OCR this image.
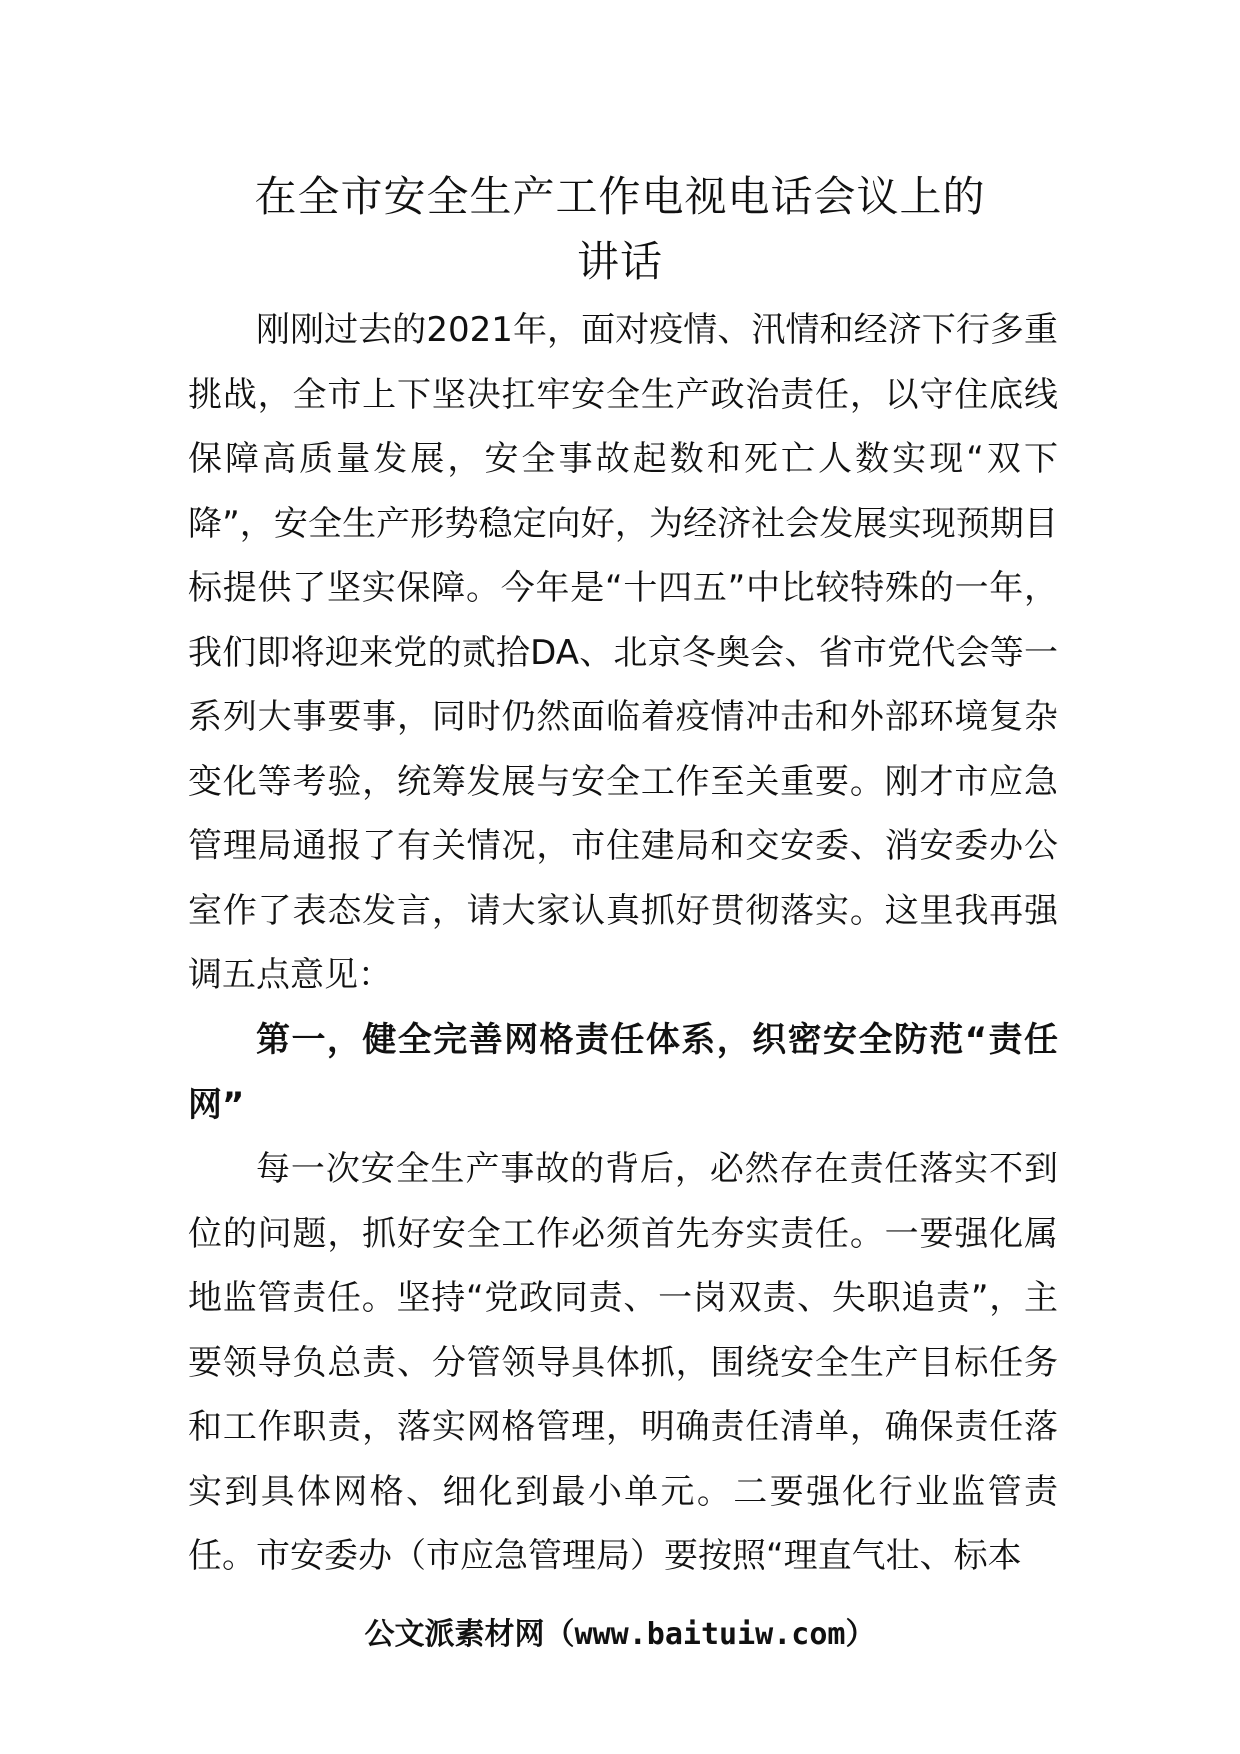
在全市安全生产工作电视电话会议上的
讲话

刚刚过去的2021年，面对疫情、汛情和经济下行多重挑战，全市上下坚决扛牢安全生产政治责任，以守住底线保障高质量发展，安全事故起数和死亡人数实现“双下降”，安全生产形势稳定向好，为经济社会发展实现预期目标提供了坚实保障。今年是“十四五”中比较特殊的一年，我们即将迎来党的贰拾DA、北京冬奥会、省市党代会等一系列大事要事，同时仍然面临着疫情冲击和外部环境复杂变化等考验，统筹发展与安全工作至关重要。刚才市应急管理局通报了有关情况，市住建局和交安委、消安委办公室作了表态发言，请大家认真抓好贯彻落实。这里我再强调五点意见：

第一，健全完善网格责任体系，织密安全防范“责任网”

每一次安全生产事故的背后，必然存在责任落实不到位的问题，抓好安全工作必须首先夯实责任。一要强化属地监管责任。坚持“党政同责、一岗双责、失职追责”，主要领导负总责、分管领导具体抓，围绕安全生产目标任务和工作职责，落实网格管理，明确责任清单，确保责任落实到具体网格、细化到最小单元。二要强化行业监管责任。市安委办（市应急管理局）要按照“理直气壮、标本

公文派素材网（www.baituiw.com）
